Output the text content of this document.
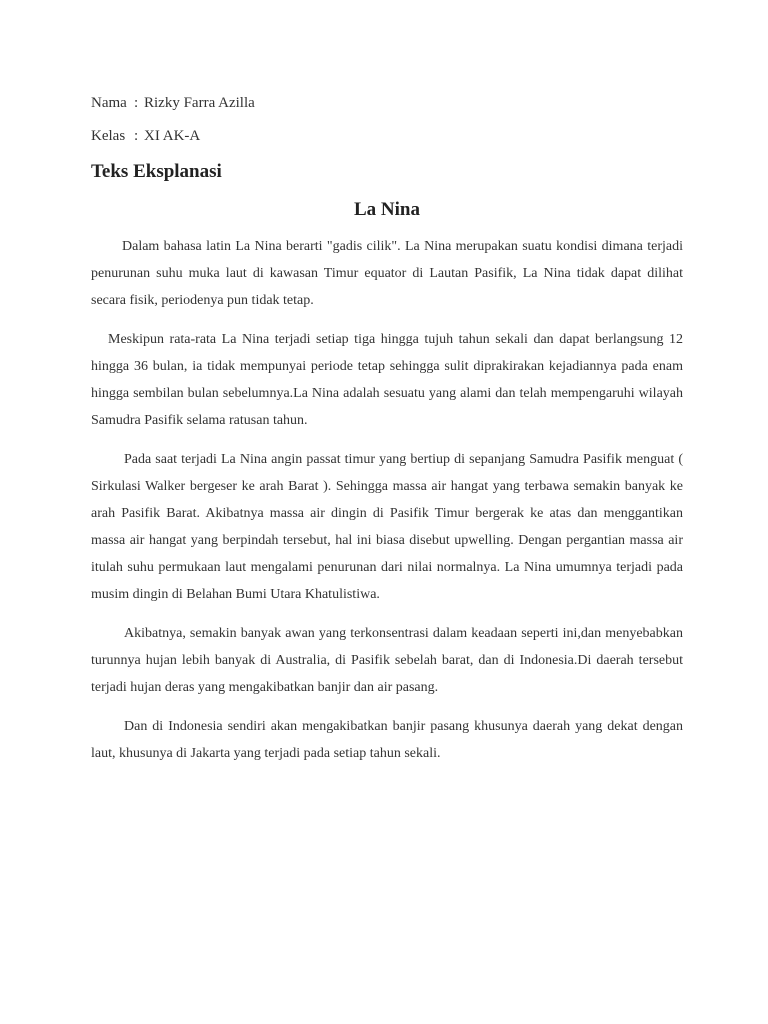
Nama : Rizky Farra Azilla

Kelas : XI AK-A

Teks Eksplanasi
La Nina

Dalam bahasa latin La Nina berarti "gadis cilik". La Nina merupakan suatu kondisi dimana terjadi penurunan suhu muka laut di kawasan Timur equator di Lautan Pasifik, La Nina tidak dapat dilihat secara fisik, periodenya pun tidak tetap.

Meskipun rata-rata La Nina terjadi setiap tiga hingga tujuh tahun sekali dan dapat berlangsung 12 hingga 36 bulan, ia tidak mempunyai periode tetap sehingga sulit diprakirakan kejadiannya pada enam hingga sembilan bulan sebelumnya.La Nina adalah sesuatu yang alami dan telah mempengaruhi wilayah Samudra Pasifik selama ratusan tahun.

Pada saat terjadi La Nina angin passat timur yang bertiup di sepanjang Samudra Pasifik menguat ( Sirkulasi Walker bergeser ke arah Barat ). Sehingga massa air hangat yang terbawa semakin banyak ke arah Pasifik Barat. Akibatnya massa air dingin di Pasifik Timur bergerak ke atas dan menggantikan massa air hangat yang berpindah tersebut, hal ini biasa disebut upwelling. Dengan pergantian massa air itulah suhu permukaan laut mengalami penurunan dari nilai normalnya. La Nina umumnya terjadi pada musim dingin di Belahan Bumi Utara Khatulistiwa.

Akibatnya, semakin banyak awan yang terkonsentrasi dalam keadaan seperti ini,dan menyebabkan turunnya hujan lebih banyak di Australia, di Pasifik sebelah barat, dan di Indonesia.Di daerah tersebut terjadi hujan deras yang mengakibatkan banjir dan air pasang.

Dan di Indonesia sendiri akan mengakibatkan banjir pasang khusunya daerah yang dekat dengan laut, khusunya di Jakarta yang terjadi pada setiap tahun sekali.
